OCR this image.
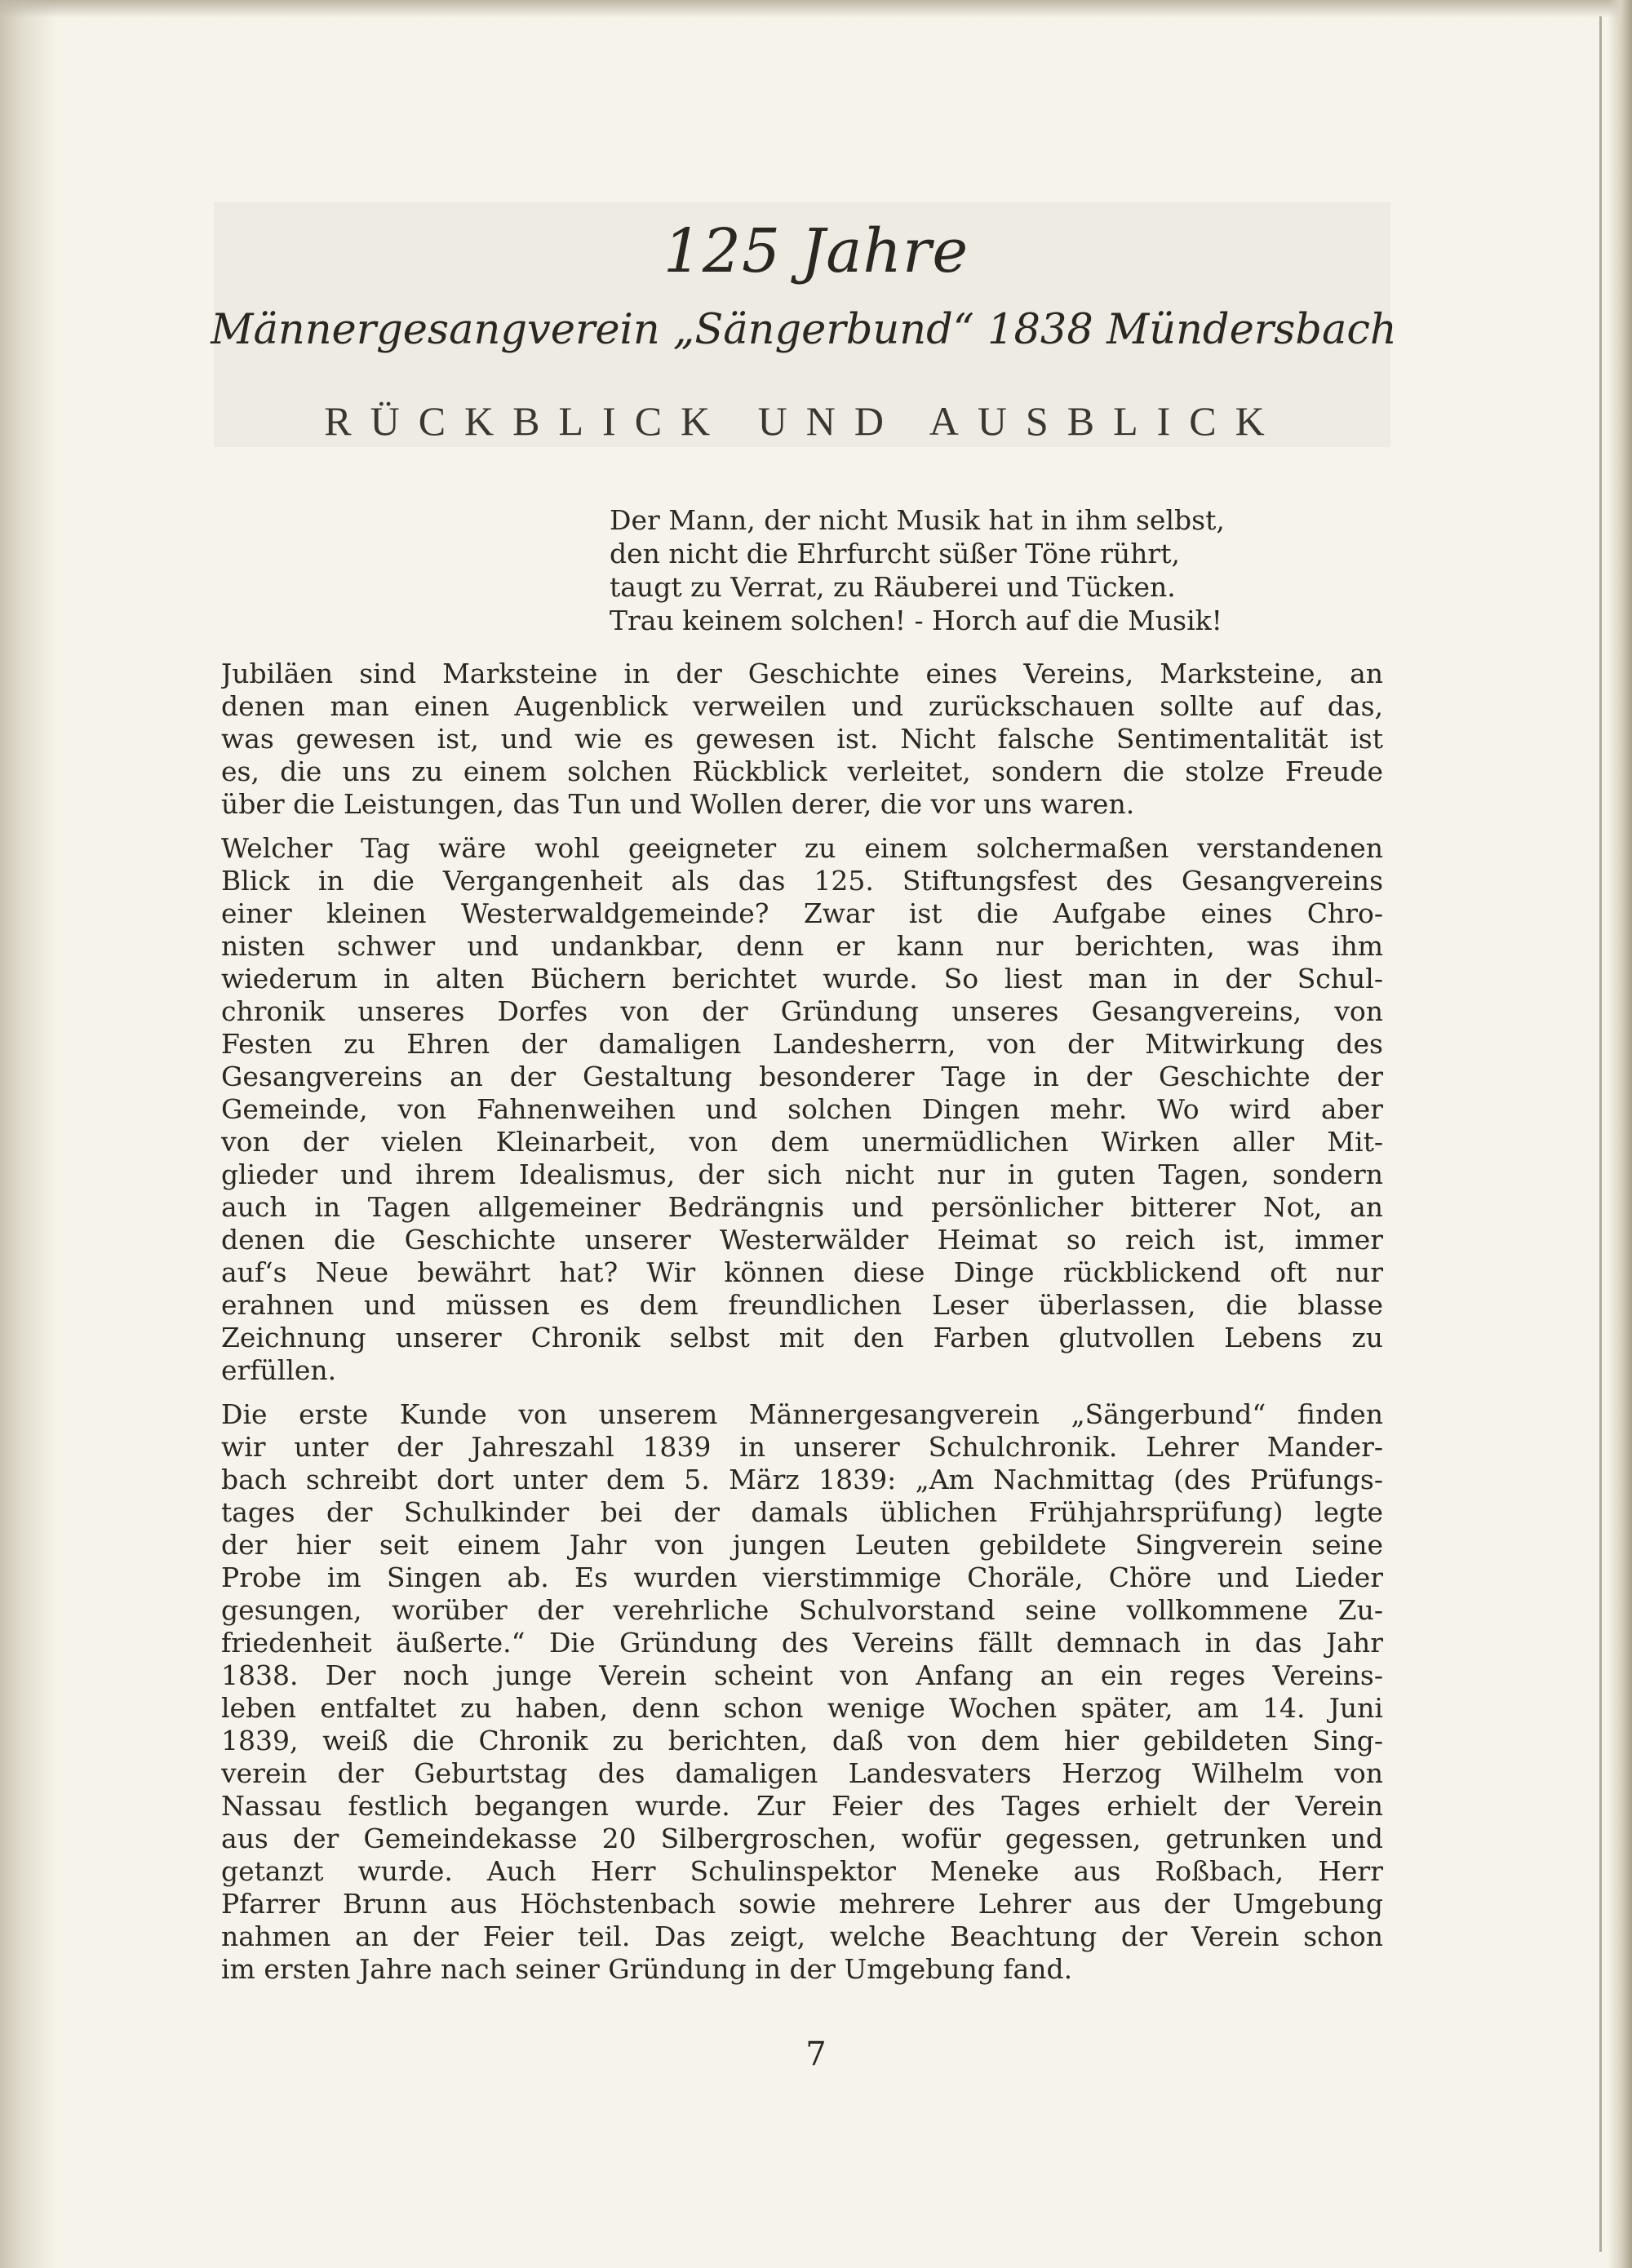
125 Jahre
Männergesangverein „Sängerbund“ 1838 Mündersbach
RÜCKBLICK UND AUSBLICK
Der Mann, der nicht Musik hat in ihm selbst,
den nicht die Ehrfurcht süßer Töne rührt,
taugt zu Verrat, zu Räuberei und Tücken.
Trau keinem solchen! - Horch auf die Musik!
Jubiläen sind Marksteine in der Geschichte eines Vereins, Marksteine, an
denen man einen Augenblick verweilen und zurückschauen sollte auf das,
was gewesen ist, und wie es gewesen ist. Nicht falsche Sentimentalität ist
es, die uns zu einem solchen Rückblick verleitet, sondern die stolze Freude
über die Leistungen, das Tun und Wollen derer, die vor uns waren.
Welcher Tag wäre wohl geeigneter zu einem solchermaßen verstandenen
Blick in die Vergangenheit als das 125. Stiftungsfest des Gesangvereins
einer kleinen Westerwaldgemeinde? Zwar ist die Aufgabe eines Chro-
nisten schwer und undankbar, denn er kann nur berichten, was ihm
wiederum in alten Büchern berichtet wurde. So liest man in der Schul-
chronik unseres Dorfes von der Gründung unseres Gesangvereins, von
Festen zu Ehren der damaligen Landesherrn, von der Mitwirkung des
Gesangvereins an der Gestaltung besonderer Tage in der Geschichte der
Gemeinde, von Fahnenweihen und solchen Dingen mehr. Wo wird aber
von der vielen Kleinarbeit, von dem unermüdlichen Wirken aller Mit-
glieder und ihrem Idealismus, der sich nicht nur in guten Tagen, sondern
auch in Tagen allgemeiner Bedrängnis und persönlicher bitterer Not, an
denen die Geschichte unserer Westerwälder Heimat so reich ist, immer
auf‘s Neue bewährt hat? Wir können diese Dinge rückblickend oft nur
erahnen und müssen es dem freundlichen Leser überlassen, die blasse
Zeichnung unserer Chronik selbst mit den Farben glutvollen Lebens zu
erfüllen.
Die erste Kunde von unserem Männergesangverein „Sängerbund“ finden
wir unter der Jahreszahl 1839 in unserer Schulchronik. Lehrer Mander-
bach schreibt dort unter dem 5. März 1839: „Am Nachmittag (des Prüfungs-
tages der Schulkinder bei der damals üblichen Frühjahrsprüfung) legte
der hier seit einem Jahr von jungen Leuten gebildete Singverein seine
Probe im Singen ab. Es wurden vierstimmige Choräle, Chöre und Lieder
gesungen, worüber der verehrliche Schulvorstand seine vollkommene Zu-
friedenheit äußerte.“ Die Gründung des Vereins fällt demnach in das Jahr
1838. Der noch junge Verein scheint von Anfang an ein reges Vereins-
leben entfaltet zu haben, denn schon wenige Wochen später, am 14. Juni
1839, weiß die Chronik zu berichten, daß von dem hier gebildeten Sing-
verein der Geburtstag des damaligen Landesvaters Herzog Wilhelm von
Nassau festlich begangen wurde. Zur Feier des Tages erhielt der Verein
aus der Gemeindekasse 20 Silbergroschen, wofür gegessen, getrunken und
getanzt wurde. Auch Herr Schulinspektor Meneke aus Roßbach, Herr
Pfarrer Brunn aus Höchstenbach sowie mehrere Lehrer aus der Umgebung
nahmen an der Feier teil. Das zeigt, welche Beachtung der Verein schon
im ersten Jahre nach seiner Gründung in der Umgebung fand.
7
